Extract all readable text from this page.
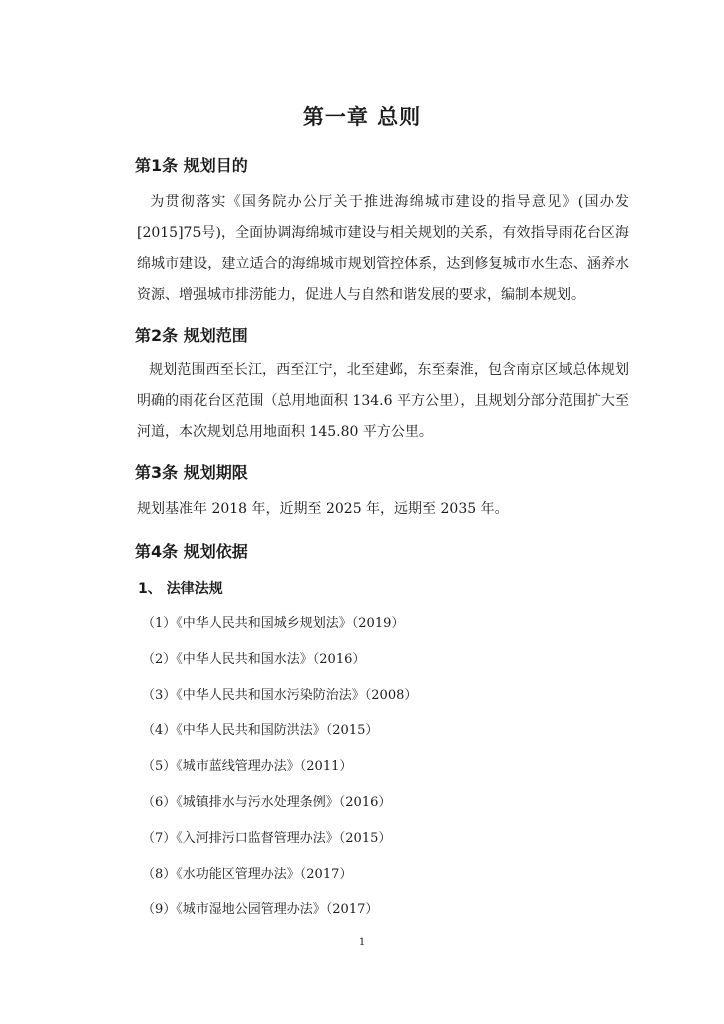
第一章 总则
第1条 规划目的

为贯彻落实《国务院办公厅关于推进海绵城市建设的指导意见》(国办发[2015]75号)，全面协调海绵城市建设与相关规划的关系，有效指导雨花台区海绵城市建设，建立适合的海绵城市规划管控体系，达到修复城市水生态、涵养水资源、增强城市排涝能力，促进人与自然和谐发展的要求，编制本规划。

第2条 规划范围

规划范围西至长江，西至江宁，北至建邺，东至秦淮，包含南京区域总体规划明确的雨花台区范围（总用地面积 134.6 平方公里），且规划分部分范围扩大至河道，本次规划总用地面积 145.80 平方公里。

第3条 规划期限

规划基准年 2018 年，近期至 2025 年，远期至 2035 年。

第4条 规划依据
1、 法律法规
（1）《中华人民共和国城乡规划法》（2019）
（2）《中华人民共和国水法》（2016）
（3）《中华人民共和国水污染防治法》（2008）
（4）《中华人民共和国防洪法》（2015）
（5）《城市蓝线管理办法》（2011）
（6）《城镇排水与污水处理条例》（2016）
（7）《入河排污口监督管理办法》（2015）
（8）《水功能区管理办法》（2017）
（9）《城市湿地公园管理办法》（2017）
1
